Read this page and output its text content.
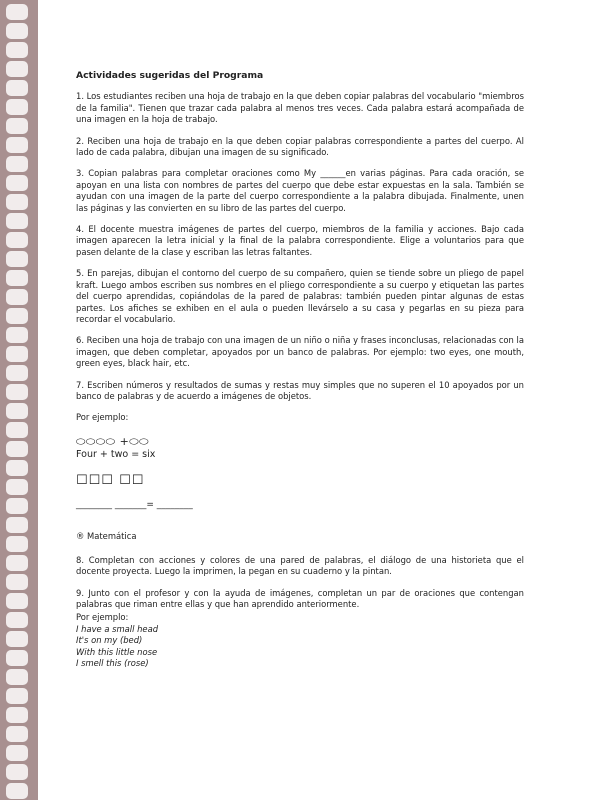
Actividades sugeridas del Programa

1. Los estudiantes reciben una hoja de trabajo en la que deben copiar palabras del vocabulario "miembros de la familia". Tienen que trazar cada palabra al menos tres veces. Cada palabra estará acompañada de una imagen en la hoja de trabajo.

2. Reciben una hoja de trabajo en la que deben copiar palabras correspondiente a partes del cuerpo. Al lado de cada palabra, dibujan una imagen de su significado.

3. Copian palabras para completar oraciones como My ______en varias páginas. Para cada oración, se apoyan en una lista con nombres de partes del cuerpo que debe estar expuestas en la sala. También se ayudan con una imagen de la parte del cuerpo correspondiente a la palabra dibujada. Finalmente, unen las páginas y las convierten en su libro de las partes del cuerpo.

4. El docente muestra imágenes de partes del cuerpo, miembros de la familia y acciones. Bajo cada imagen aparecen la letra inicial y la final de la palabra correspondiente. Elige a voluntarios para que pasen delante de la clase y escriban las letras faltantes.

5. En parejas, dibujan el contorno del cuerpo de su compañero, quien se tiende sobre un pliego de papel kraft. Luego ambos escriben sus nombres en el pliego correspondiente a su cuerpo y etiquetan las partes del cuerpo aprendidas, copiándolas de la pared de palabras: también pueden pintar algunas de estas partes. Los afiches se exhiben en el aula o pueden llevárselo a su casa y pegarlas en su pieza para recordar el vocabulario.

6. Reciben una hoja de trabajo con una imagen de un niño o niña y frases inconclusas, relacionadas con la imagen, que deben completar, apoyados por un banco de palabras. Por ejemplo: two eyes, one mouth, green eyes, black hair, etc.

7. Escriben números y resultados de sumas y restas muy simples que no superen el 10 apoyados por un banco de palabras y de acuerdo a imágenes de objetos.

Por ejemplo:
⬭⬭⬭⬭ +⬭⬭
Four + two = six
☐☐☐ ☐☐
________ _______= ________
® Matemática

8. Completan con acciones y colores de una pared de palabras, el diálogo de una historieta que el docente proyecta. Luego la imprimen, la pegan en su cuaderno y la pintan.

9. Junto con el profesor y con la ayuda de imágenes, completan un par de oraciones que contengan palabras que riman entre ellas y que han aprendido anteriormente.

Por ejemplo:
I have a small head
It's on my (bed)
With this little nose
I smell this (rose)
